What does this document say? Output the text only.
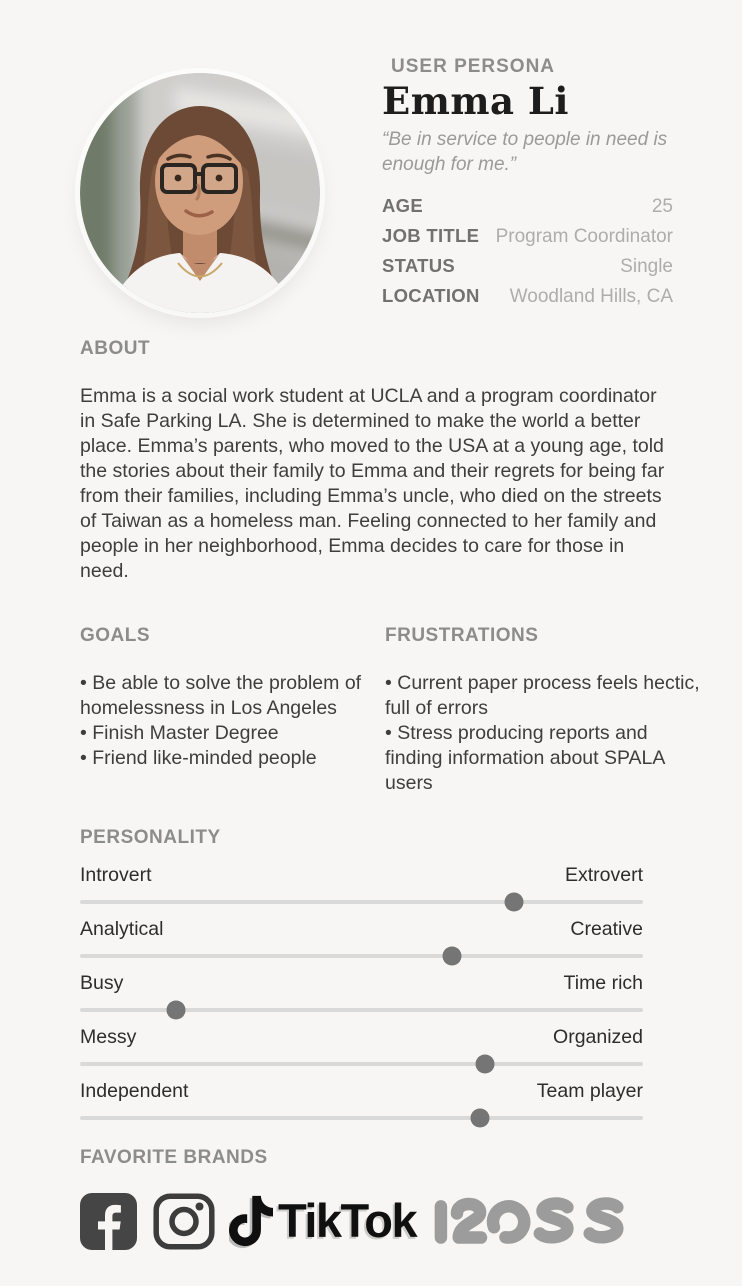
USER PERSONA
Emma Li

“Be in service to people in need is enough for me.”

AGE	25
JOB TITLE Program Coordinator
STATUS	Single
LOCATION Woodland Hills, CA
ABOUT

Emma is a social work student at UCLA and a program coordinator in Safe Parking LA. She is determined to make the world a better place. Emma’s parents, who moved to the USA at a young age, told the stories about their family to Emma and their regrets for being far from their families, including Emma’s uncle, who died on the streets of Taiwan as a homeless man. Feeling connected to her family and people in her neighborhood, Emma decides to care for those in need.

GOALS
• Be able to solve the problem of homelessness in Los Angeles
• Finish Master Degree
• Friend like-minded people
FRUSTRATIONS
• Current paper process feels hectic, full of errors
• Stress producing reports and finding information about SPALA users
PERSONALITY
Introvert	Extrovert
Analytical	Creative
Busy	Time rich
Messy	Organized
Independent	Team player
FAVORITE BRANDS
TikTok
